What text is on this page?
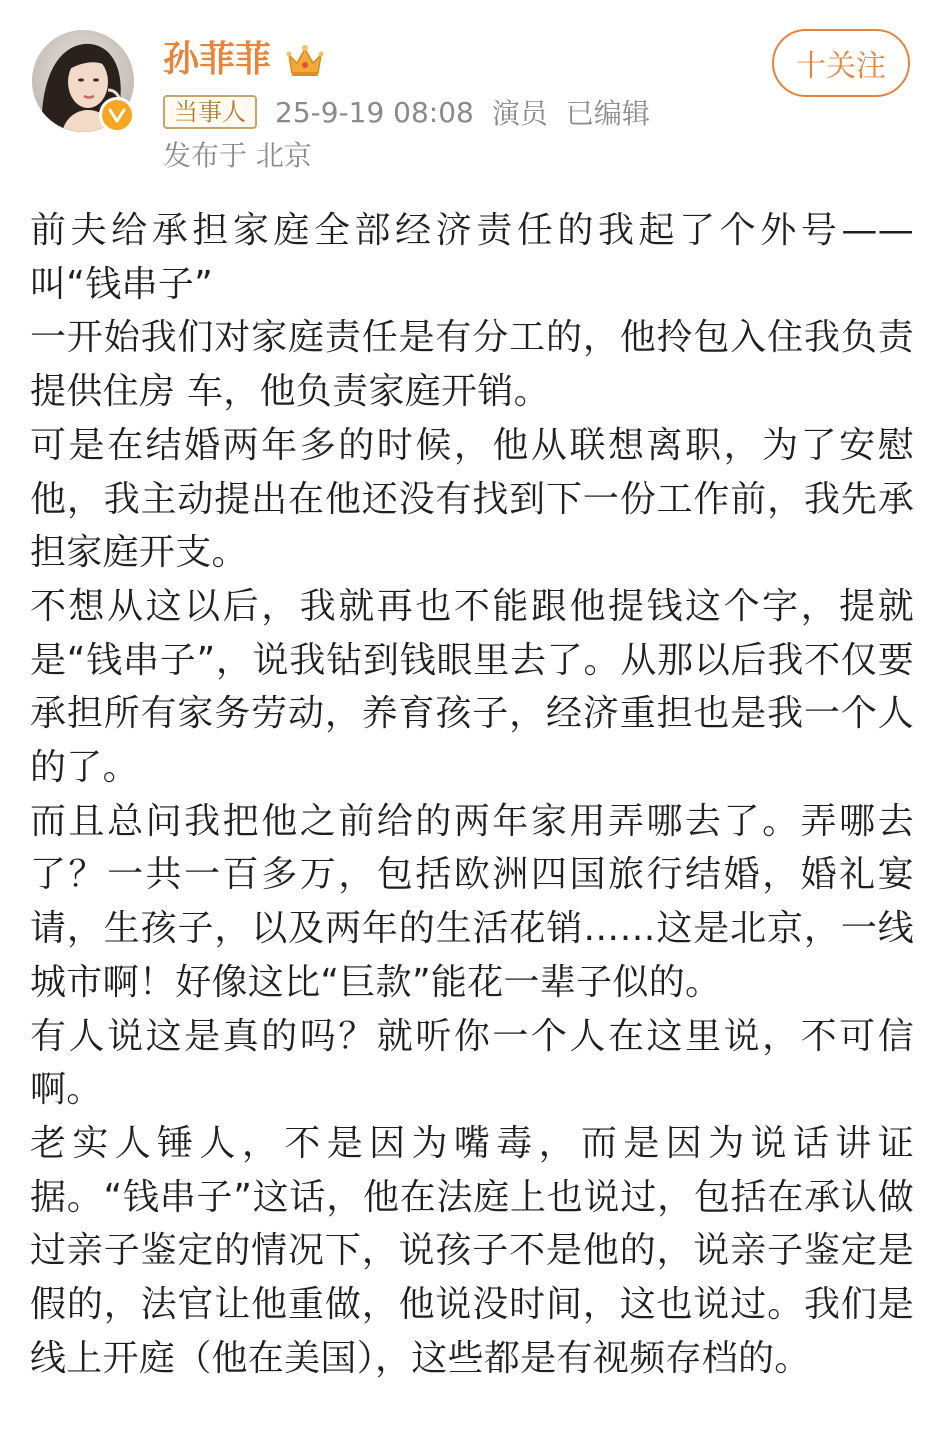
孙菲菲
当事人	25-9-19 08:08 演员 已编辑
发布于 北京
十关注

前夫给承担家庭全部经济责任的我起了个外号——叫“钱串子”

一开始我们对家庭责任是有分工的，他拎包入住我负责提供住房 车，他负责家庭开销。

可是在结婚两年多的时候，他从联想离职，为了安慰他，我主动提出在他还没有找到下一份工作前，我先承担家庭开支。

不想从这以后，我就再也不能跟他提钱这个字，提就是“钱串子”，说我钻到钱眼里去了。从那以后我不仅要承担所有家务劳动，养育孩子，经济重担也是我一个人的了。

而且总问我把他之前给的两年家用弄哪去了。弄哪去了？一共一百多万，包括欧洲四国旅行结婚，婚礼宴请，生孩子，以及两年的生活花销……这是北京，一线城市啊！好像这比“巨款”能花一辈子似的。

有人说这是真的吗？就听你一个人在这里说，不可信啊。

老实人锤人，不是因为嘴毒，而是因为说话讲证据。“钱串子”这话，他在法庭上也说过，包括在承认做过亲子鉴定的情况下，说孩子不是他的，说亲子鉴定是假的，法官让他重做，他说没时间，这也说过。我们是线上开庭（他在美国），这些都是有视频存档的。
